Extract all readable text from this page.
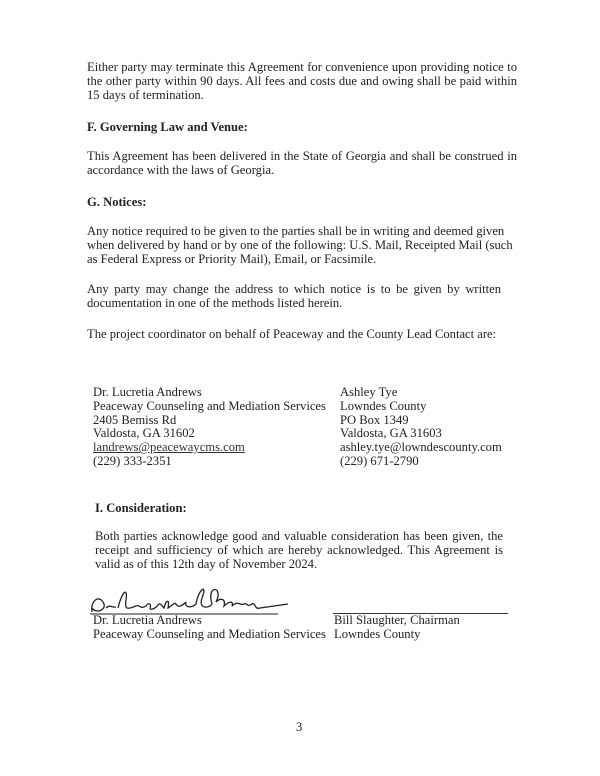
Either party may terminate this Agreement for convenience upon providing notice to
the other party within 90 days. All fees and costs due and owing shall be paid within
15 days of termination.
F. Governing Law and Venue:
This Agreement has been delivered in the State of Georgia and shall be construed in
accordance with the laws of Georgia.
G. Notices:
Any notice required to be given to the parties shall be in writing and deemed given
when delivered by hand or by one of the following: U.S. Mail, Receipted Mail (such
as Federal Express or Priority Mail), Email, or Facsimile.
Any party may change the address to which notice is to be given by written
documentation in one of the methods listed herein.
The project coordinator on behalf of Peaceway and the County Lead Contact are:
Dr. Lucretia Andrews
Peaceway Counseling and Mediation Services
2405 Bemiss Rd
Valdosta, GA 31602
landrews@peacewaycms.com
(229) 333-2351
Ashley Tye
Lowndes County
PO Box 1349
Valdosta, GA 31603
ashley.tye@lowndescounty.com
(229) 671-2790
I. Consideration:
Both parties acknowledge good and valuable consideration has been given, the
receipt and sufficiency of which are hereby acknowledged. This Agreement is
valid as of this 12th day of November 2024.
Dr. Lucretia Andrews
Peaceway Counseling and Mediation Services
Bill Slaughter, Chairman
Lowndes County
3
